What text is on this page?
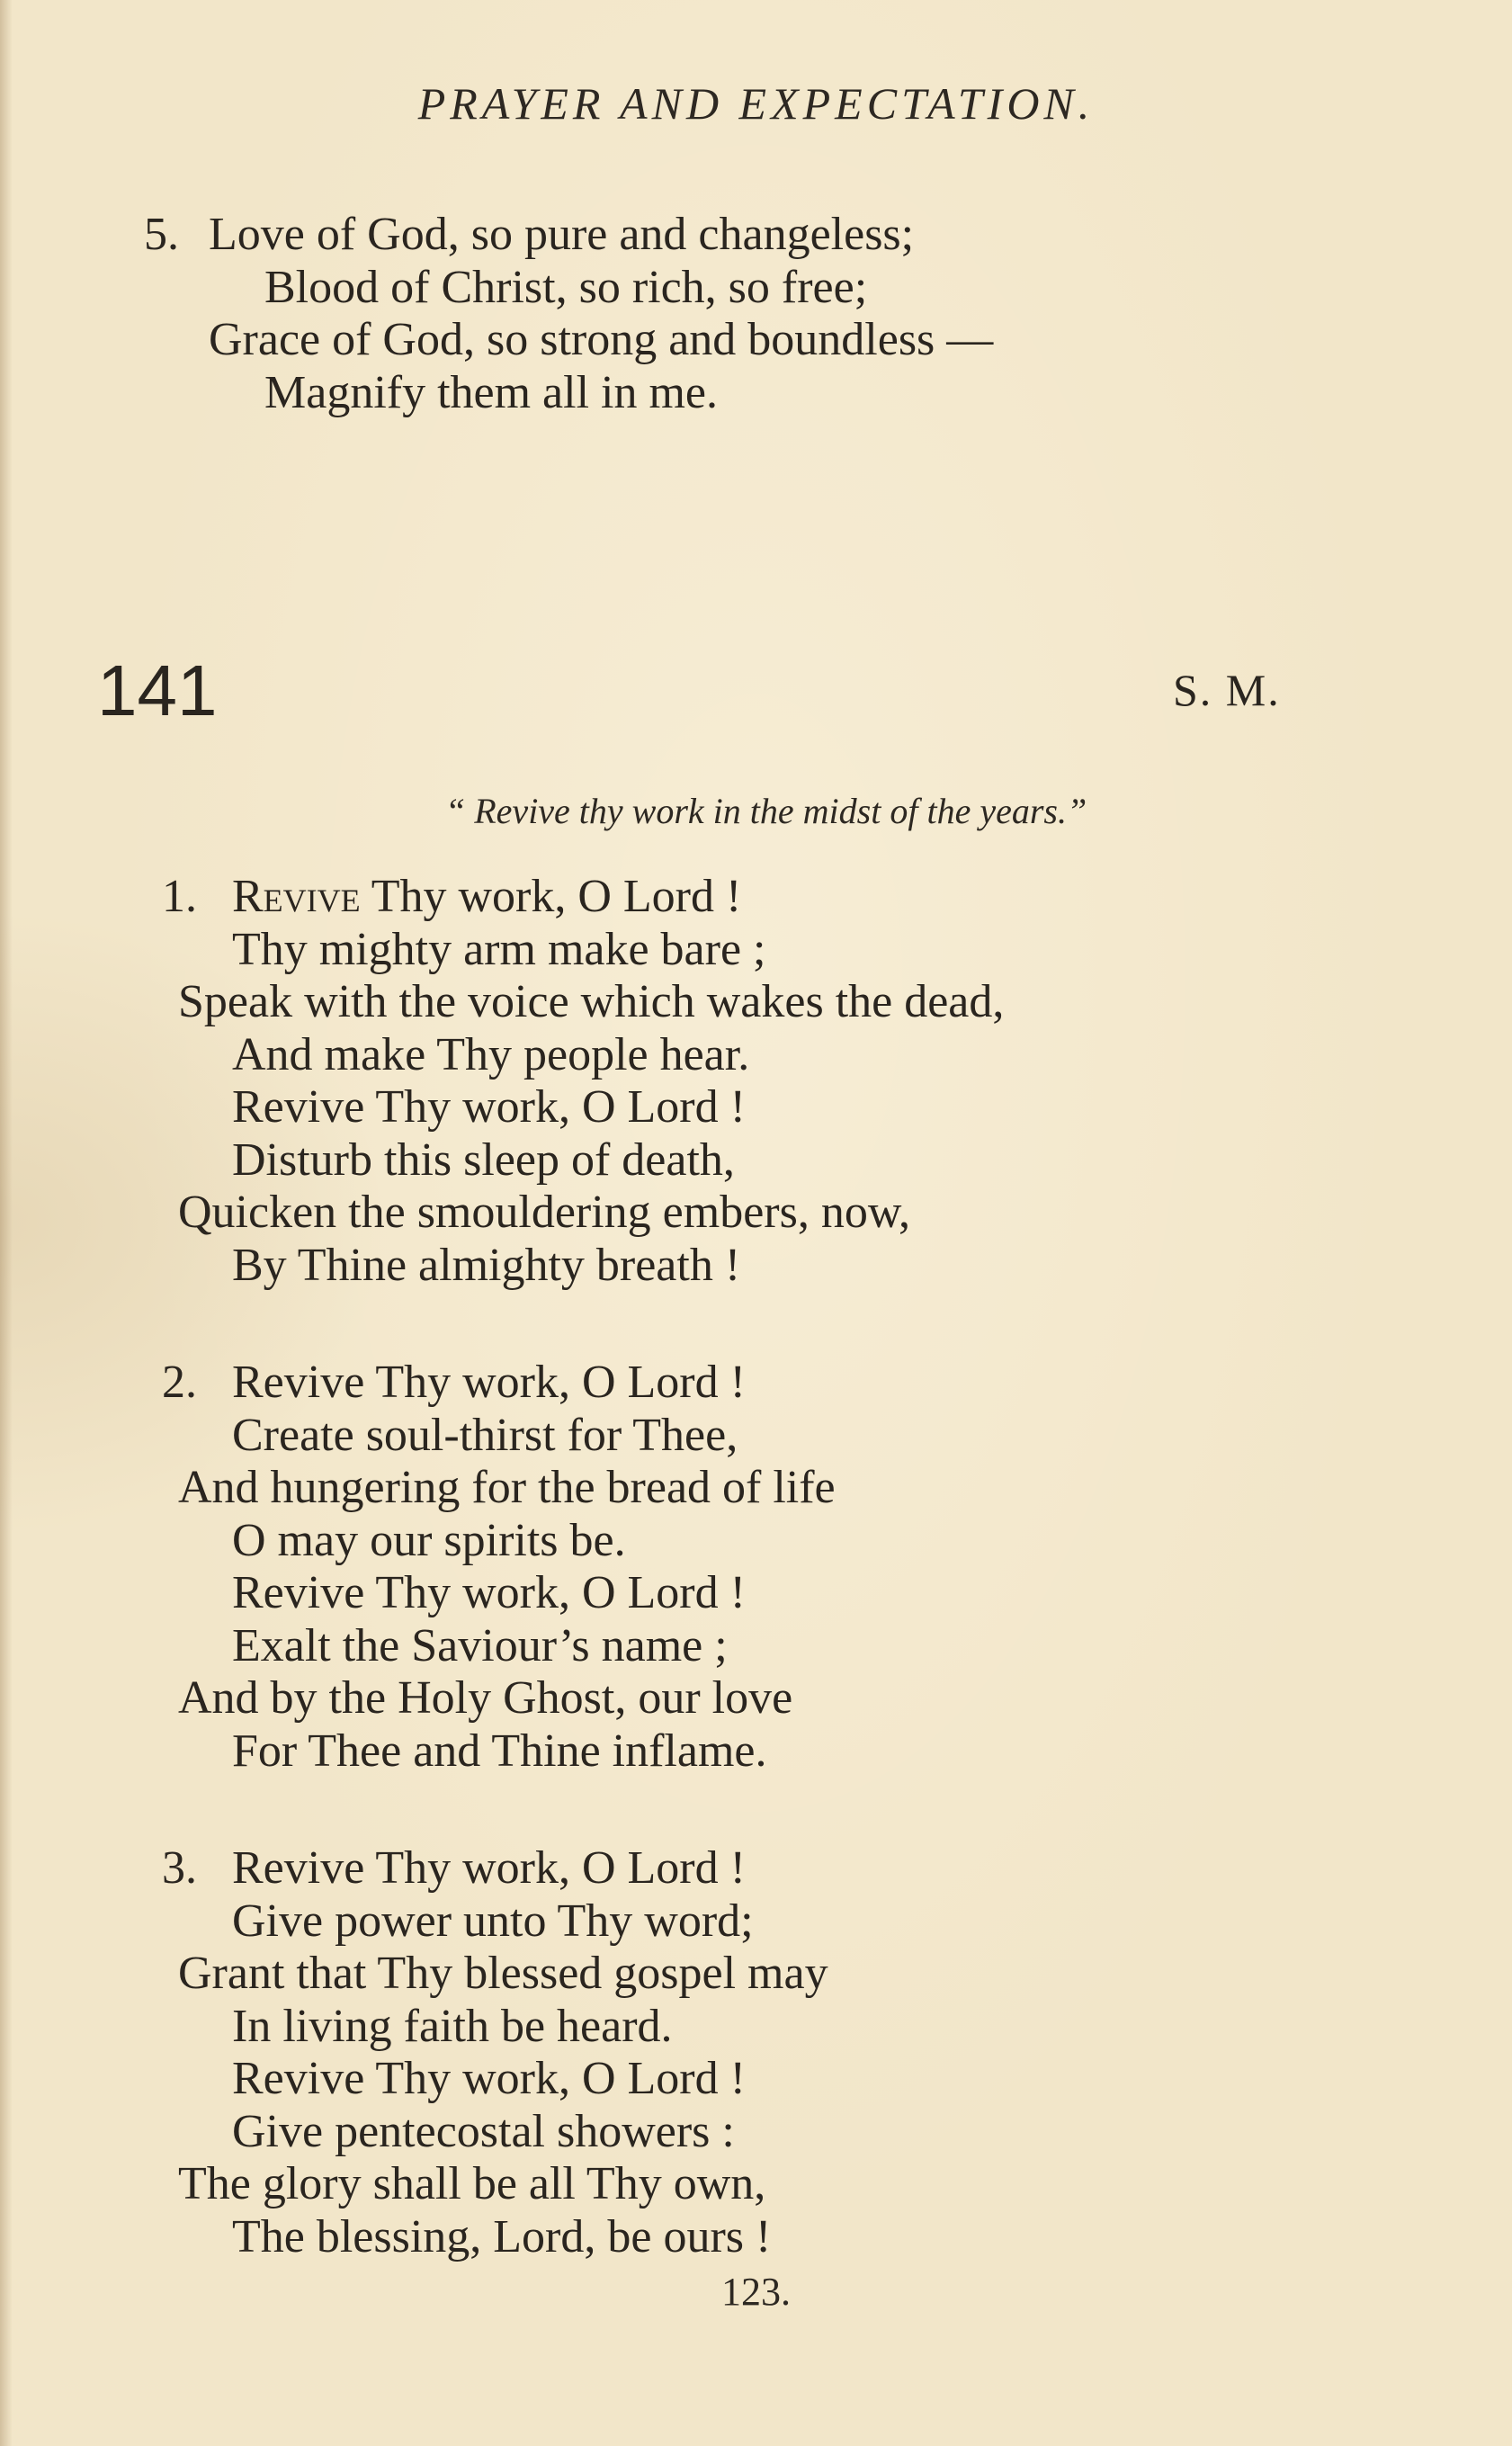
PRAYER AND EXPECTATION.
5. Love of God, so pure and changeless;
Blood of Christ, so rich, so free;
Grace of God, so strong and boundless —
Magnify them all in me.
141	S. M.
“ Revive thy work in the midst of the years.”
1. Revive Thy work, O Lord !
Thy mighty arm make bare ;
Speak with the voice which wakes the dead,
And make Thy people hear.
Revive Thy work, O Lord !
Disturb this sleep of death,
Quicken the smouldering embers, now,
By Thine almighty breath !
2. Revive Thy work, O Lord !
Create soul-thirst for Thee,
And hungering for the bread of life
O may our spirits be.
Revive Thy work, O Lord !
Exalt the Saviour’s name ;
And by the Holy Ghost, our love
For Thee and Thine inflame.
3. Revive Thy work, O Lord !
Give power unto Thy word;
Grant that Thy blessed gospel may
In living faith be heard.
Revive Thy work, O Lord !
Give pentecostal showers :
The glory shall be all Thy own,
The blessing, Lord, be ours !
123.
